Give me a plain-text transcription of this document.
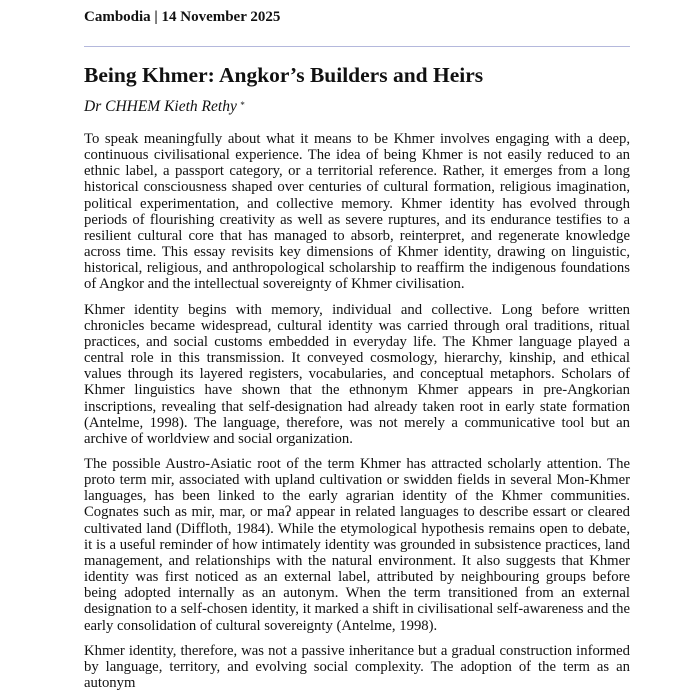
Cambodia | 14 November 2025
Being Khmer: Angkor’s Builders and Heirs
Dr CHHEM Kieth Rethy *

To speak meaningfully about what it means to be Khmer involves engaging with a deep, continuous civilisational experience. The idea of being Khmer is not easily reduced to an ethnic label, a passport category, or a territorial reference. Rather, it emerges from a long historical consciousness shaped over centuries of cultural formation, religious imagination, political experimentation, and collective memory. Khmer identity has evolved through periods of flourishing creativity as well as severe ruptures, and its endurance testifies to a resilient cultural core that has managed to absorb, reinterpret, and regenerate knowledge across time. This essay revisits key dimensions of Khmer identity, drawing on linguistic, historical, religious, and anthropological scholarship to reaffirm the indigenous foundations of Angkor and the intellectual sovereignty of Khmer civilisation.

Khmer identity begins with memory, individual and collective. Long before written chronicles became widespread, cultural identity was carried through oral traditions, ritual practices, and social customs embedded in everyday life. The Khmer language played a central role in this transmission. It conveyed cosmology, hierarchy, kinship, and ethical values through its layered registers, vocabularies, and conceptual metaphors. Scholars of Khmer linguistics have shown that the ethnonym Khmer appears in pre-Angkorian inscriptions, revealing that self-designation had already taken root in early state formation (Antelme, 1998). The language, therefore, was not merely a communicative tool but an archive of worldview and social organization.

The possible Austro-Asiatic root of the term Khmer has attracted scholarly attention. The proto term mir, associated with upland cultivation or swidden fields in several Mon-Khmer languages, has been linked to the early agrarian identity of the Khmer communities. Cognates such as mir, mar, or maʔ appear in related languages to describe essart or cleared cultivated land (Diffloth, 1984). While the etymological hypothesis remains open to debate, it is a useful reminder of how intimately identity was grounded in subsistence practices, land management, and relationships with the natural environment. It also suggests that Khmer identity was first noticed as an external label, attributed by neighbouring groups before being adopted internally as an autonym. When the term transitioned from an external designation to a self-chosen identity, it marked a shift in civilisational self-awareness and the early consolidation of cultural sovereignty (Antelme, 1998).

Khmer identity, therefore, was not a passive inheritance but a gradual construction informed by language, territory, and evolving social complexity. The adoption of the term as an autonym
